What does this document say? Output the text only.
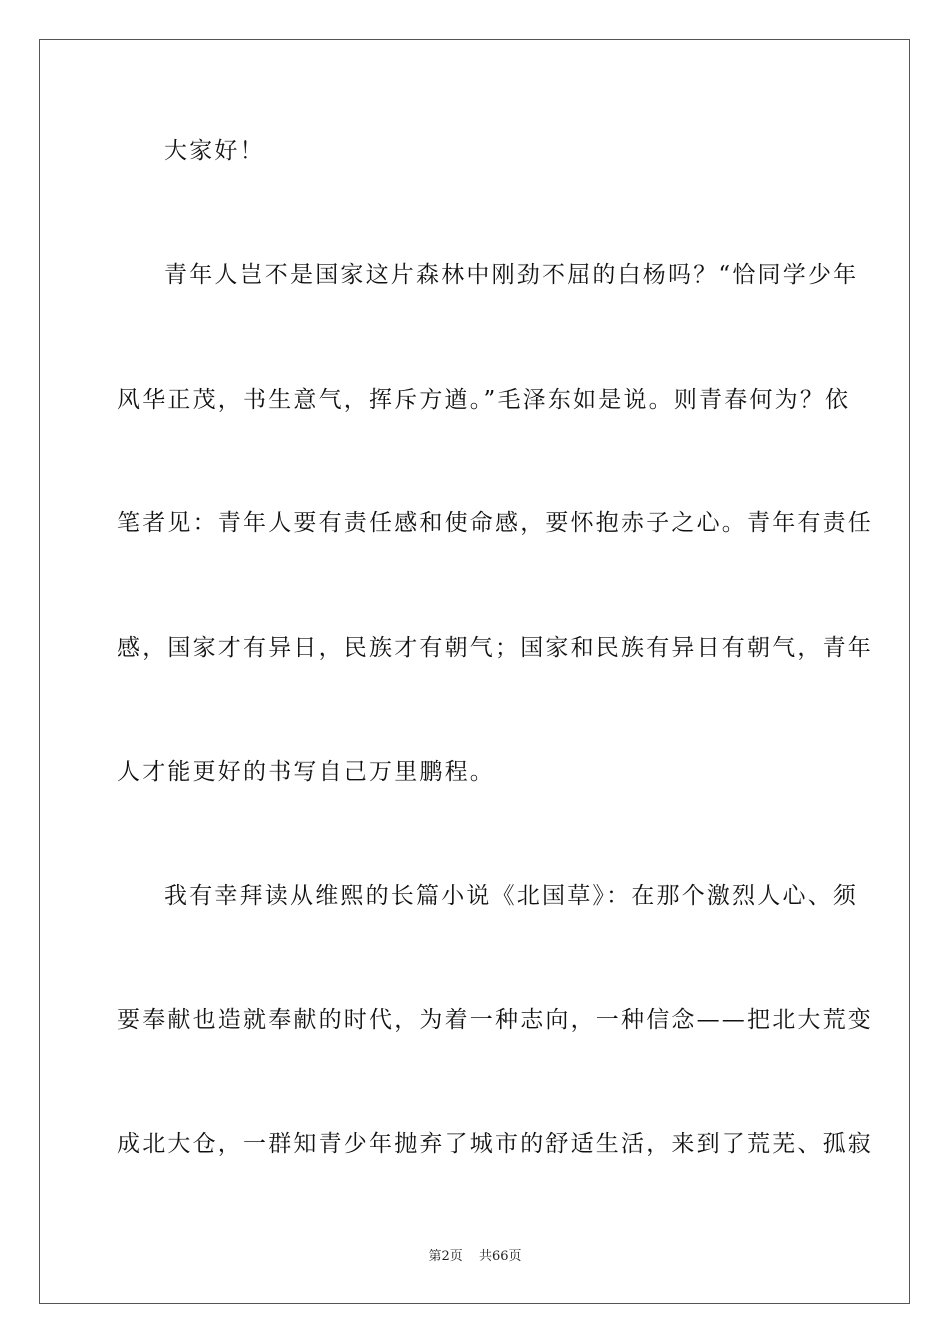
大家好！
青年人岂不是国家这片森林中刚劲不屈的白杨吗？“恰同学少年
风华正茂，书生意气，挥斥方遒。”毛泽东如是说。则青春何为？依
笔者见：青年人要有责任感和使命感，要怀抱赤子之心。青年有责任
感，国家才有异日，民族才有朝气；国家和民族有异日有朝气，青年
人才能更好的书写自己万里鹏程。
我有幸拜读从维熙的长篇小说《北国草》：在那个激烈人心、须
要奉献也造就奉献的时代，为着一种志向，一种信念——把北大荒变
成北大仓，一群知青少年抛弃了城市的舒适生活，来到了荒芜、孤寂
第2页 共66页
